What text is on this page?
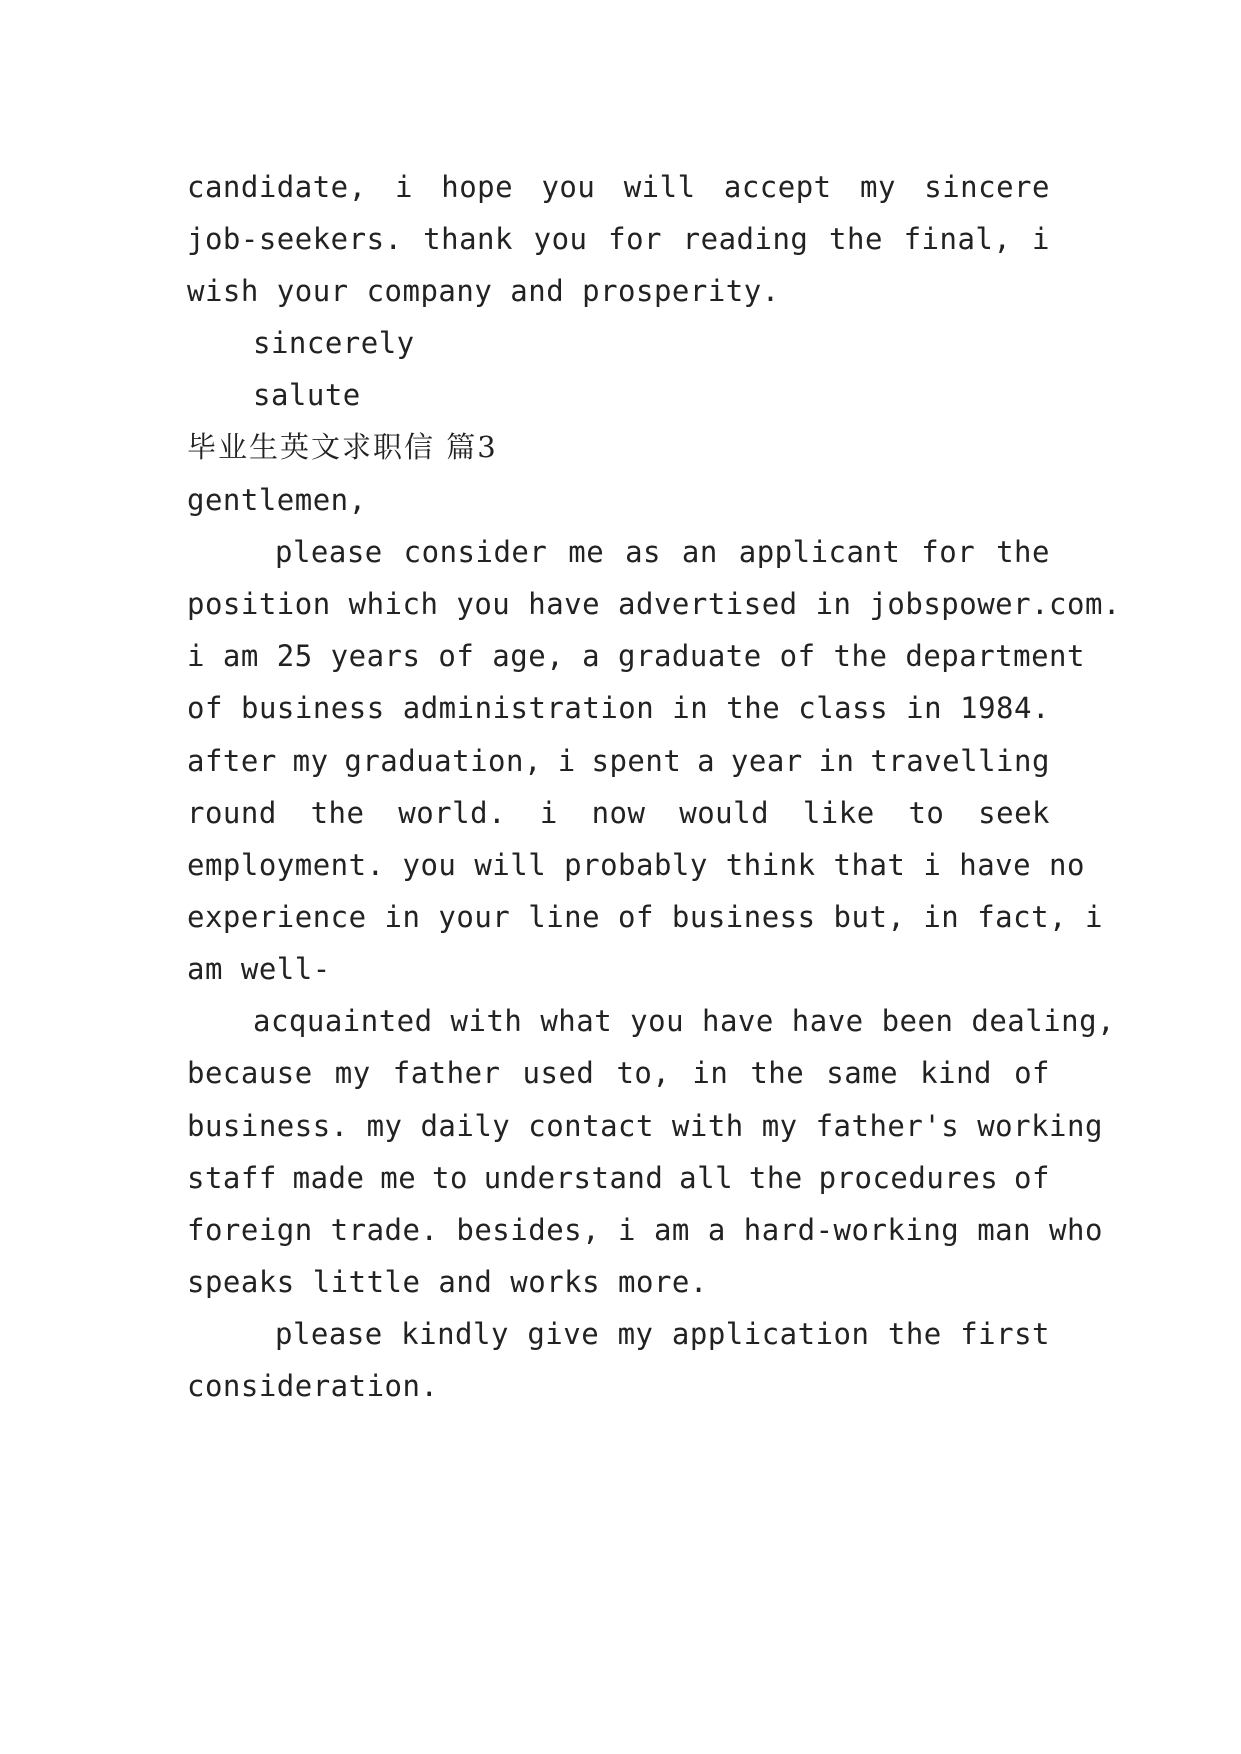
candidate, i hope you will accept my sincere
job-seekers. thank you for reading the final, i
wish your company and prosperity.
sincerely
salute
毕业生英文求职信 篇3
gentlemen,
please consider me as an applicant for the
position which you have advertised in jobspower.com.
i am 25 years of age, a graduate of the department
of business administration in the class in 1984.
after my graduation, i spent a year in travelling
round the world. i now would like to seek
employment. you will probably think that i have no
experience in your line of business but, in fact, i
am well-
acquainted with what you have have been dealing,
because my father used to, in the same kind of
business. my daily contact with my father's working
staff made me to understand all the procedures of
foreign trade. besides, i am a hard-working man who
speaks little and works more.
please kindly give my application the first
consideration.
